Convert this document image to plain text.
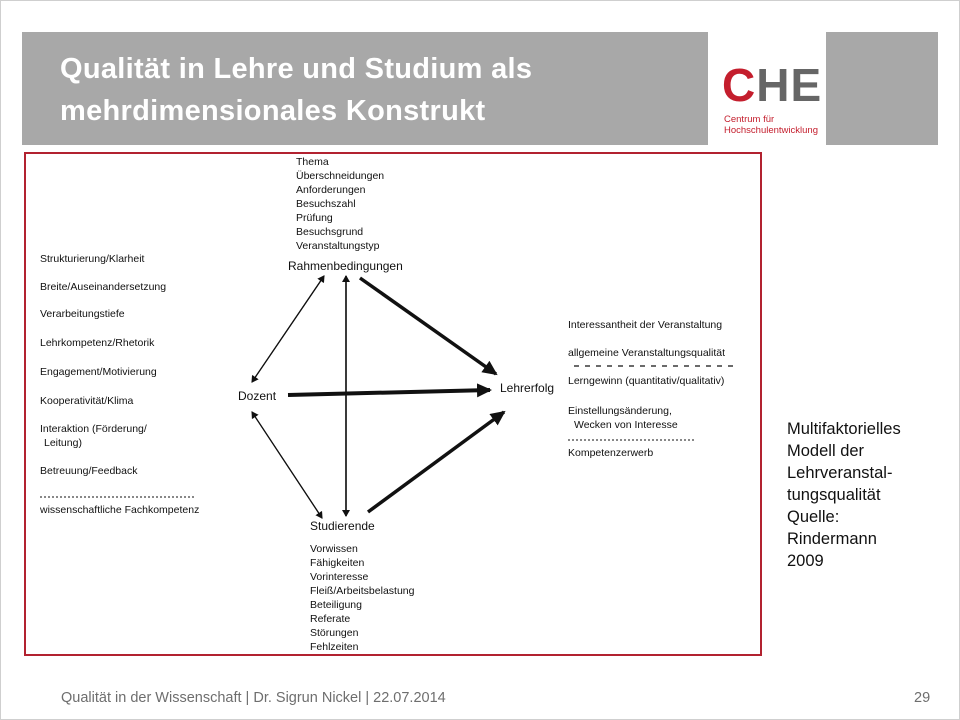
Qualität in Lehre und Studium als
mehrdimensionales Konstrukt	CHE
Centrum für
Hochschulentwicklung
Thema
Überschneidungen
Anforderungen
Besuchszahl
Prüfung
Besuchsgrund
Veranstaltungstyp
Rahmenbedingungen
Strukturierung/Klarheit
Breite/Auseinandersetzung
Verarbeitungstiefe
Lehrkompetenz/Rhetorik
Engagement/Motivierung
Kooperativität/Klima
Interaktion (Förderung/
Leitung)
Betreuung/Feedback
wissenschaftliche Fachkompetenz
Dozent
Interessantheit der Veranstaltung
allgemeine Veranstaltungsqualität
Lerngewinn (quantitativ/qualitativ)
Einstellungsänderung,
Wecken von Interesse
Kompetenzerwerb
Lehrerfolg
Studierende
Vorwissen
Fähigkeiten
Vorinteresse
Fleiß/Arbeitsbelastung
Beteiligung
Referate
Störungen
Fehlzeiten
Multifaktorielles
Modell der
Lehrveranstal-
tungsqualität
Quelle:
Rindermann
2009
Qualität in der Wissenschaft | Dr. Sigrun Nickel | 22.07.2014	29
